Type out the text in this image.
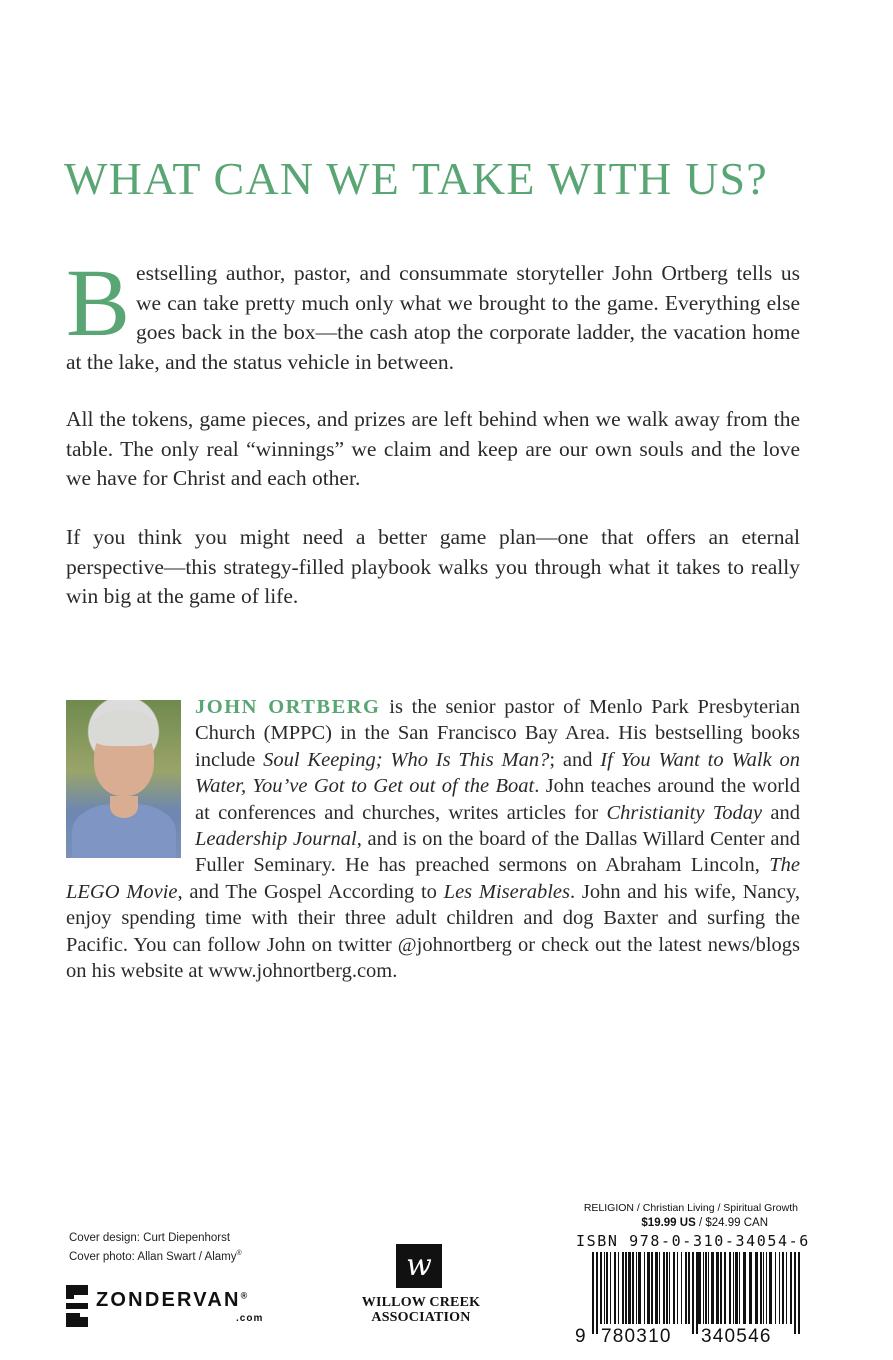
WHAT CAN WE TAKE WITH US?

Bestselling author, pastor, and consummate storyteller John Ortberg tells us we can take pretty much only what we brought to the game. Everything else goes back in the box—the cash atop the corporate ladder, the vacation home at the lake, and the status vehicle in between.

All the tokens, game pieces, and prizes are left behind when we walk away from the table. The only real “winnings” we claim and keep are our own souls and the love we have for Christ and each other.

If you think you might need a better game plan—one that offers an eternal perspective—this strategy-filled playbook walks you through what it takes to really win big at the game of life.

JOHN ORTBERG is the senior pastor of Menlo Park Presbyterian Church (MPPC) in the San Francisco Bay Area. His bestselling books include Soul Keeping; Who Is This Man?; and If You Want to Walk on Water, You’ve Got to Get out of the Boat. John teaches around the world at conferences and churches, writes articles for Christianity Today and Leadership Journal, and is on the board of the Dallas Willard Center and Fuller Seminary. He has preached sermons on Abraham Lincoln, The LEGO Movie, and The Gospel According to Les Miserables. John and his wife, Nancy, enjoy spending time with their three adult children and dog Baxter and surfing the Pacific. You can follow John on twitter @johnortberg or check out the latest news/blogs on his website at www.johnortberg.com.

Cover design: Curt Diepenhorst
Cover photo: Allan Swart / Alamy®
ZONDERVAN®
.com
w
WILLOW CREEK
ASSOCIATION
RELIGION / Christian Living / Spiritual Growth
$19.99 US / $24.99 CAN
ISBN 978-0-310-34054-6
9 780310 340546
